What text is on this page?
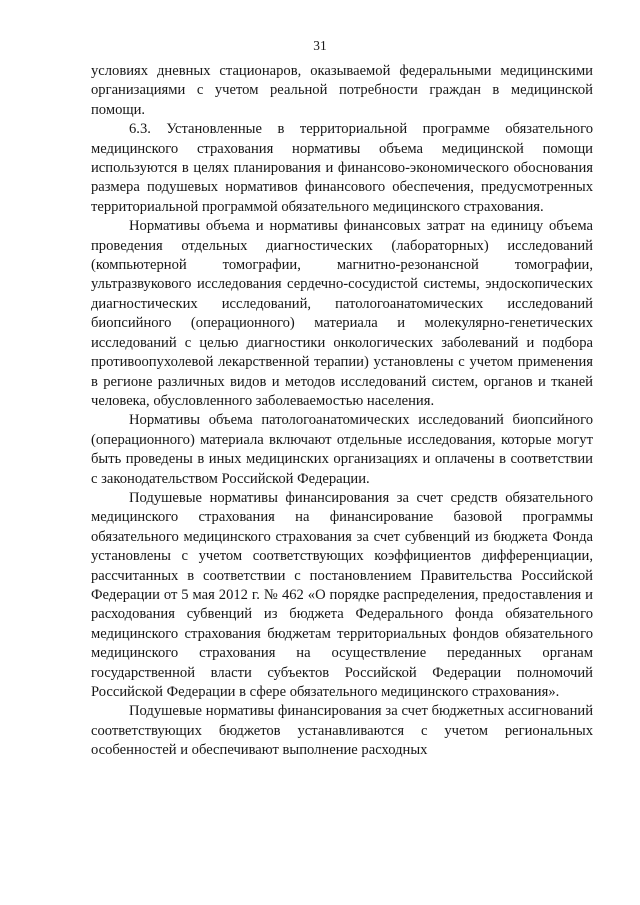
31

условиях дневных стационаров, оказываемой федеральными медицинскими организациями с учетом реальной потребности граждан в медицинской помощи.

6.3. Установленные в территориальной программе обязательного медицинского страхования нормативы объема медицинской помощи используются в целях планирования и финансово-экономического обоснования размера подушевых нормативов финансового обеспечения, предусмотренных территориальной программой обязательного медицинского страхования.

Нормативы объема и нормативы финансовых затрат на единицу объема проведения отдельных диагностических (лабораторных) исследований (компьютерной томографии, магнитно-резонансной томографии, ультразвукового исследования сердечно-сосудистой системы, эндоскопических диагностических исследований, патологоанатомических исследований биопсийного (операционного) материала и молекулярно-генетических исследований с целью диагностики онкологических заболеваний и подбора противоопухолевой лекарственной терапии) установлены с учетом применения в регионе различных видов и методов исследований систем, органов и тканей человека, обусловленного заболеваемостью населения.

Нормативы объема патологоанатомических исследований биопсийного (операционного) материала включают отдельные исследования, которые могут быть проведены в иных медицинских организациях и оплачены в соответствии с законодательством Российской Федерации.

Подушевые нормативы финансирования за счет средств обязательного медицинского страхования на финансирование базовой программы обязательного медицинского страхования за счет субвенций из бюджета Фонда установлены с учетом соответствующих коэффициентов дифференциации, рассчитанных в соответствии с постановлением Правительства Российской Федерации от 5 мая 2012 г. № 462 «О порядке распределения, предоставления и расходования субвенций из бюджета Федерального фонда обязательного медицинского страхования бюджетам территориальных фондов обязательного медицинского страхования на осуществление переданных органам государственной власти субъектов Российской Федерации полномочий Российской Федерации в сфере обязательного медицинского страхования».

Подушевые нормативы финансирования за счет бюджетных ассигнований соответствующих бюджетов устанавливаются с учетом региональных особенностей и обеспечивают выполнение расходных
